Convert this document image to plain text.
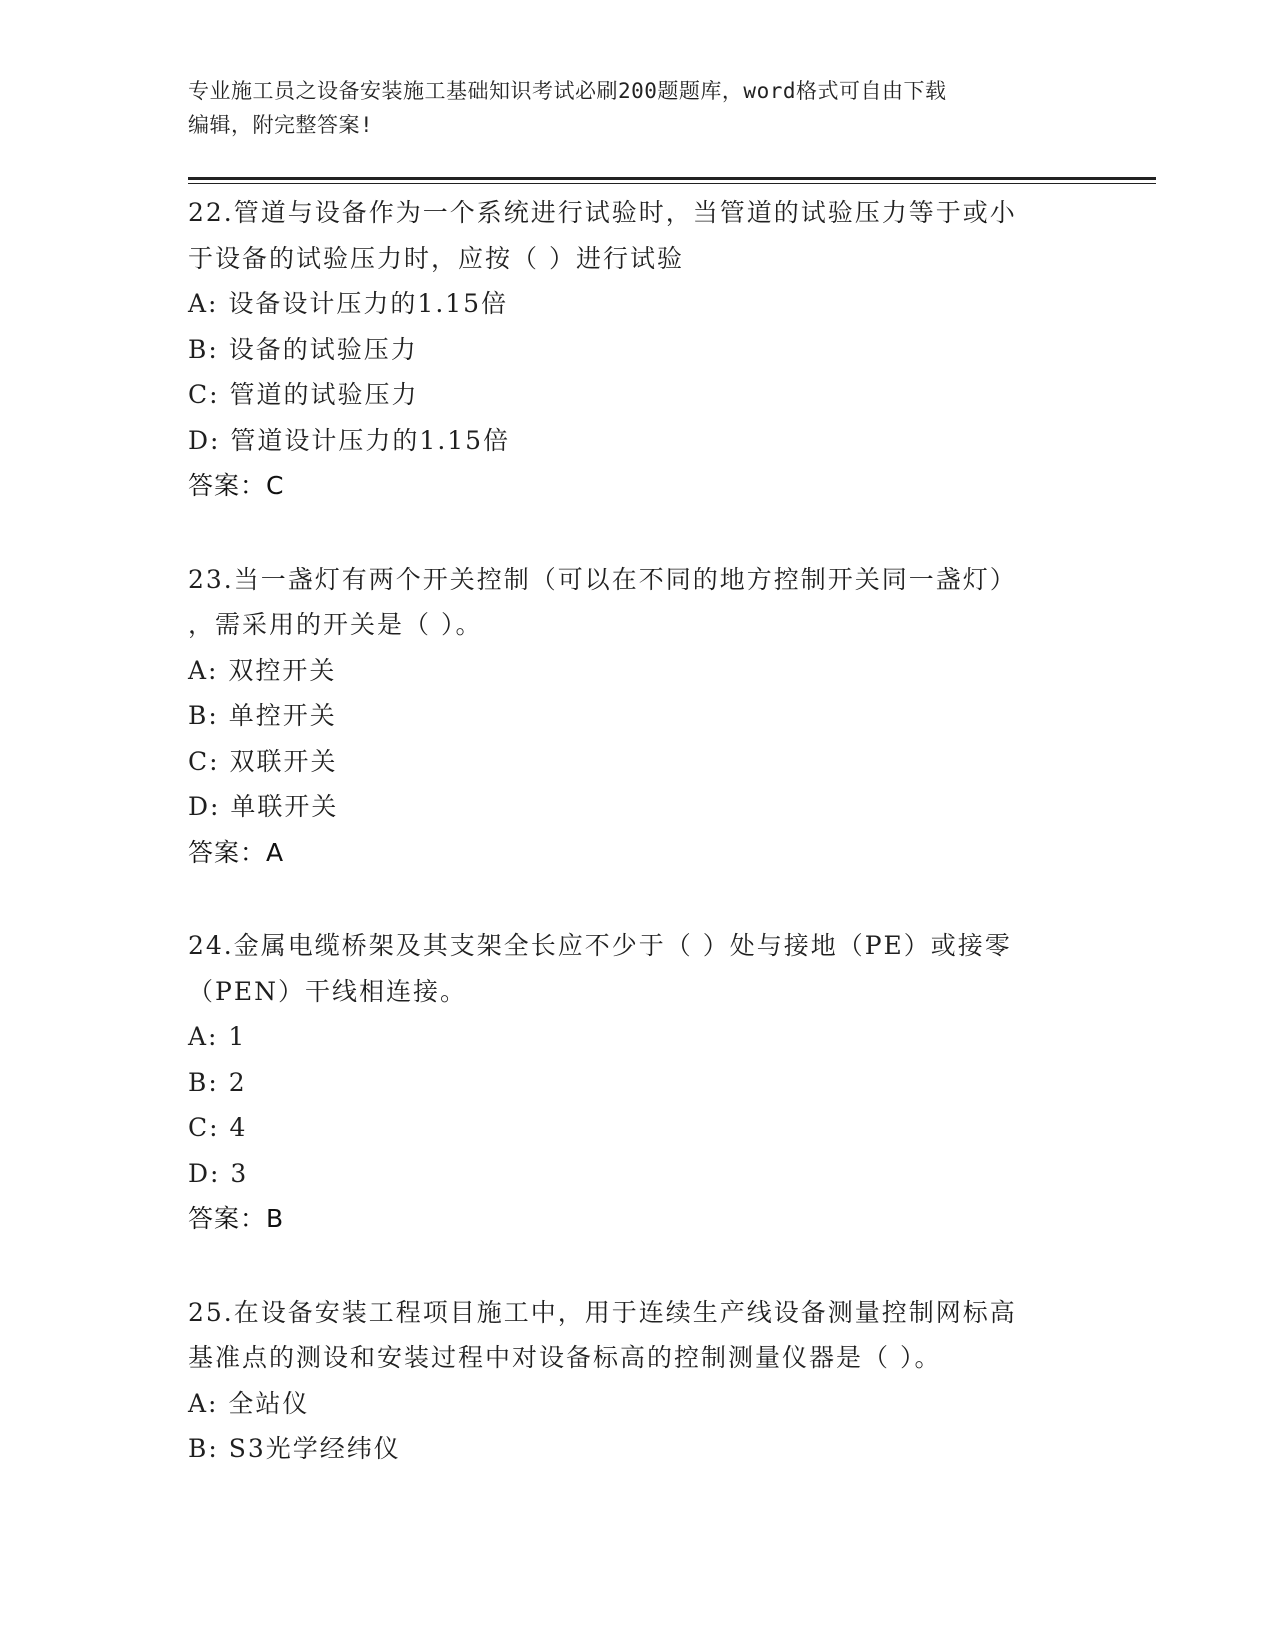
专业施工员之设备安装施工基础知识考试必刷200题题库，word格式可自由下载
编辑，附完整答案!
22.管道与设备作为一个系统进行试验时，当管道的试验压力等于或小
于设备的试验压力时，应按（ ）进行试验
A: 设备设计压力的1.15倍
B: 设备的试验压力
C: 管道的试验压力
D: 管道设计压力的1.15倍
答案：C
23.当一盏灯有两个开关控制（可以在不同的地方控制开关同一盏灯）
，需采用的开关是（ ）。
A: 双控开关
B: 单控开关
C: 双联开关
D: 单联开关
答案：A
24.金属电缆桥架及其支架全长应不少于（ ）处与接地（PE）或接零
（PEN）干线相连接。
A: 1
B: 2
C: 4
D: 3
答案：B
25.在设备安装工程项目施工中，用于连续生产线设备测量控制网标高
基准点的测设和安装过程中对设备标高的控制测量仪器是（ ）。
A: 全站仪
B: S3光学经纬仪
